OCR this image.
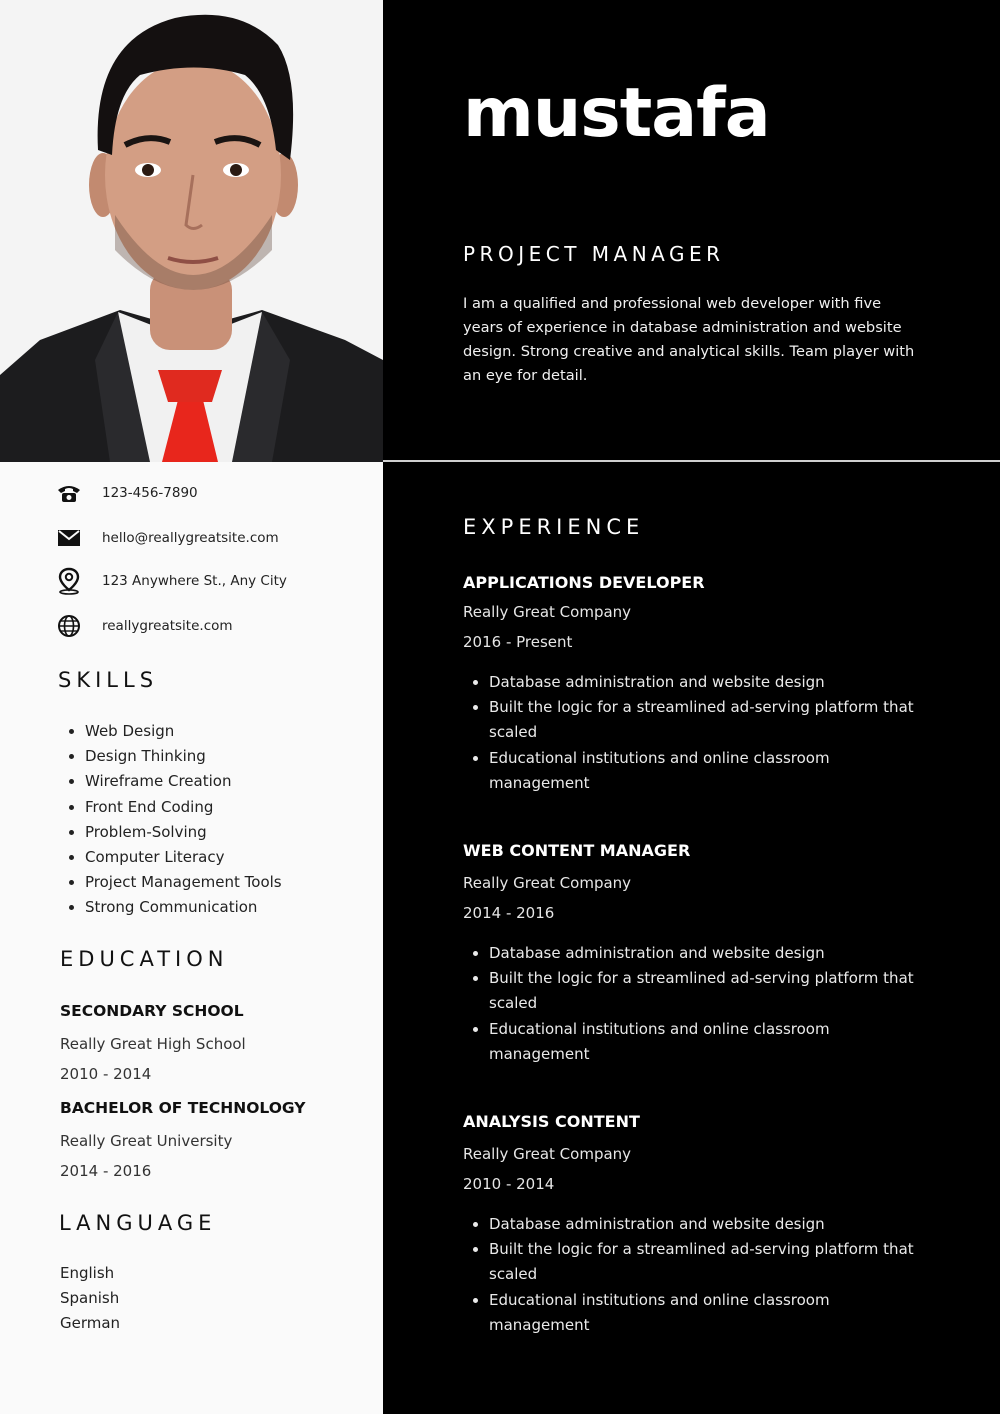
mustafa
PROJECT MANAGER
I am a qualified and professional web developer with five years of experience in database administration and website design. Strong creative and analytical skills. Team player with an eye for detail.
123-456-7890
hello@reallygreatsite.com
123 Anywhere St., Any City
reallygreatsite.com
SKILLS
• Web Design
• Design Thinking
• Wireframe Creation
• Front End Coding
• Problem-Solving
• Computer Literacy
• Project Management Tools
• Strong Communication
EDUCATION
SECONDARY SCHOOL
Really Great High School
2010 - 2014
BACHELOR OF TECHNOLOGY
Really Great University
2014 - 2016
LANGUAGE
English
Spanish
German
EXPERIENCE
APPLICATIONS DEVELOPER
Really Great Company
2016 - Present
• Database administration and website design
• Built the logic for a streamlined ad-serving platform that scaled
• Educational institutions and online classroom management
WEB CONTENT MANAGER
Really Great Company
2014 - 2016
• Database administration and website design
• Built the logic for a streamlined ad-serving platform that scaled
• Educational institutions and online classroom management
ANALYSIS CONTENT
Really Great Company
2010 - 2014
• Database administration and website design
• Built the logic for a streamlined ad-serving platform that scaled
• Educational institutions and online classroom management
